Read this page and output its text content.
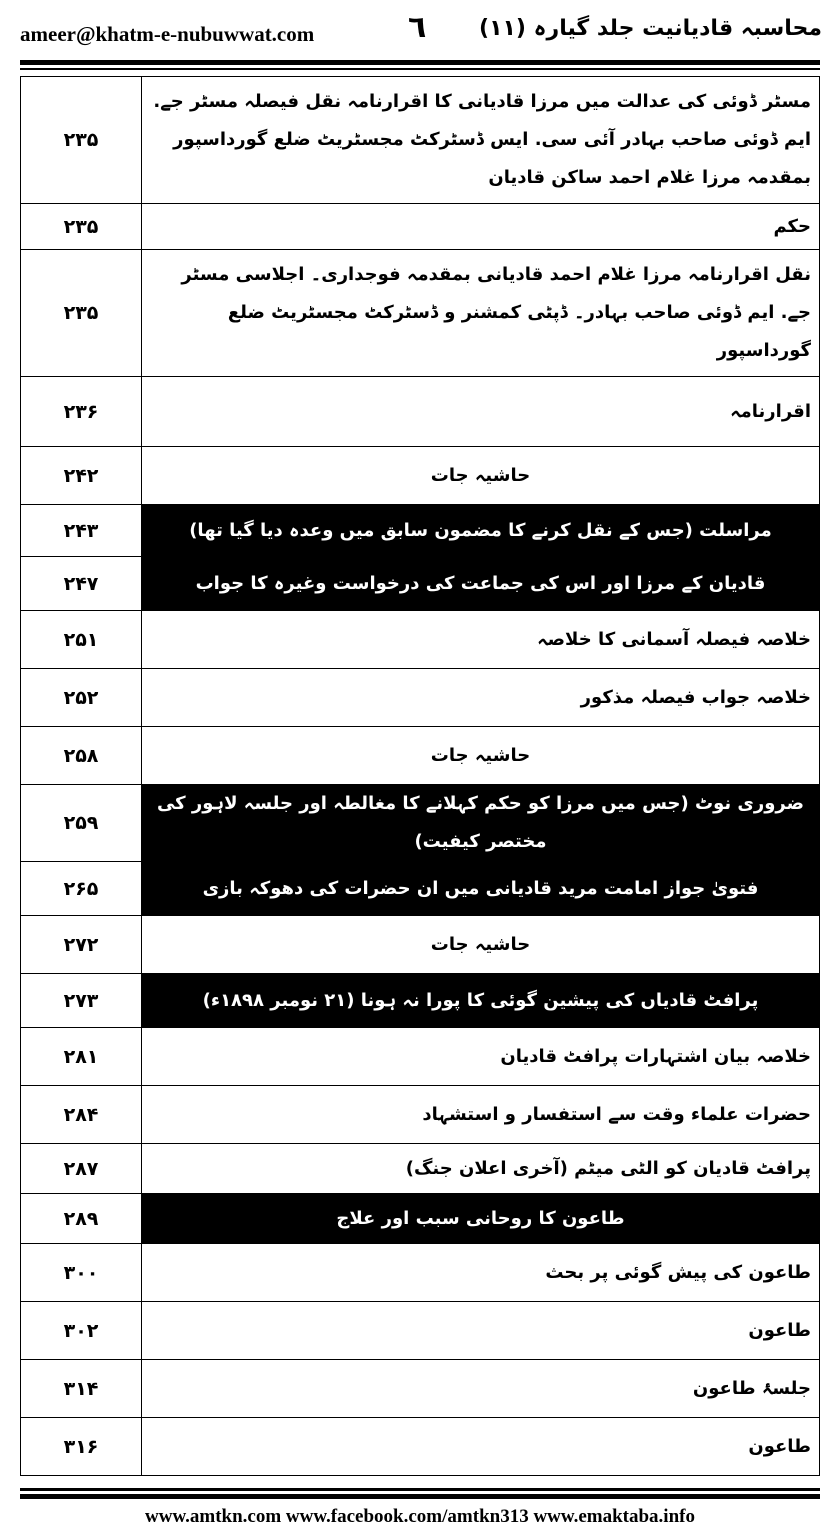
ameer@khatm-e-nubuwwat.com	٦ محاسبہ قادیانیت جلد گیارہ (۱۱)
مسٹر ڈوئی کی عدالت میں مرزا قادیانی کا اقرارنامہ نقل فیصلہ مسٹر جے. ایم ڈوئی صاحب بہادر آئی سی. ایس ڈسٹرکٹ مجسٹریٹ ضلع گورداسپور بمقدمہ مرزا غلام احمد ساکن قادیان	۲۳۵
حکم	۲۳۵
نقل اقرارنامہ مرزا غلام احمد قادیانی بمقدمہ فوجداری۔ اجلاسی مسٹر جے. ایم ڈوئی صاحب بہادر۔ ڈپٹی کمشنر و ڈسٹرکٹ مجسٹریٹ ضلع گورداسپور	۲۳۵
اقرارنامہ	۲۳۶
حاشیہ جات	۲۴۲
مراسلت (جس کے نقل کرنے کا مضمون سابق میں وعدہ دیا گیا تھا)	۲۴۳
قادیان کے مرزا اور اس کی جماعت کی درخواست وغیرہ کا جواب	۲۴۷
خلاصہ فیصلہ آسمانی کا خلاصہ	۲۵۱
خلاصہ جواب فیصلہ مذکور	۲۵۲
حاشیہ جات	۲۵۸
ضروری نوٹ (جس میں مرزا کو حکم کہلانے کا مغالطہ اور جلسہ لاہور کی مختصر کیفیت)	۲۵۹
فتویٰ جواز امامت مرید قادیانی میں ان حضرات کی دھوکہ بازی	۲۶۵
حاشیہ جات	۲۷۲
پرافٹ قادیاں کی پیشین گوئی کا پورا نہ ہونا (۲۱ نومبر ۱۸۹۸ء)	۲۷۳
خلاصہ بیان اشتہارات پرافٹ قادیان	۲۸۱
حضرات علماء وقت سے استفسار و استشہاد	۲۸۴
پرافٹ قادیان کو الٹی میٹم (آخری اعلان جنگ)	۲۸۷
طاعون کا روحانی سبب اور علاج	۲۸۹
طاعون کی پیش گوئی پر بحث	۳۰۰
طاعون	۳۰۲
جلسۂ طاعون	۳۱۴
طاعون	۳۱۶
www.amtkn.com www.facebook.com/amtkn313 www.emaktaba.info
